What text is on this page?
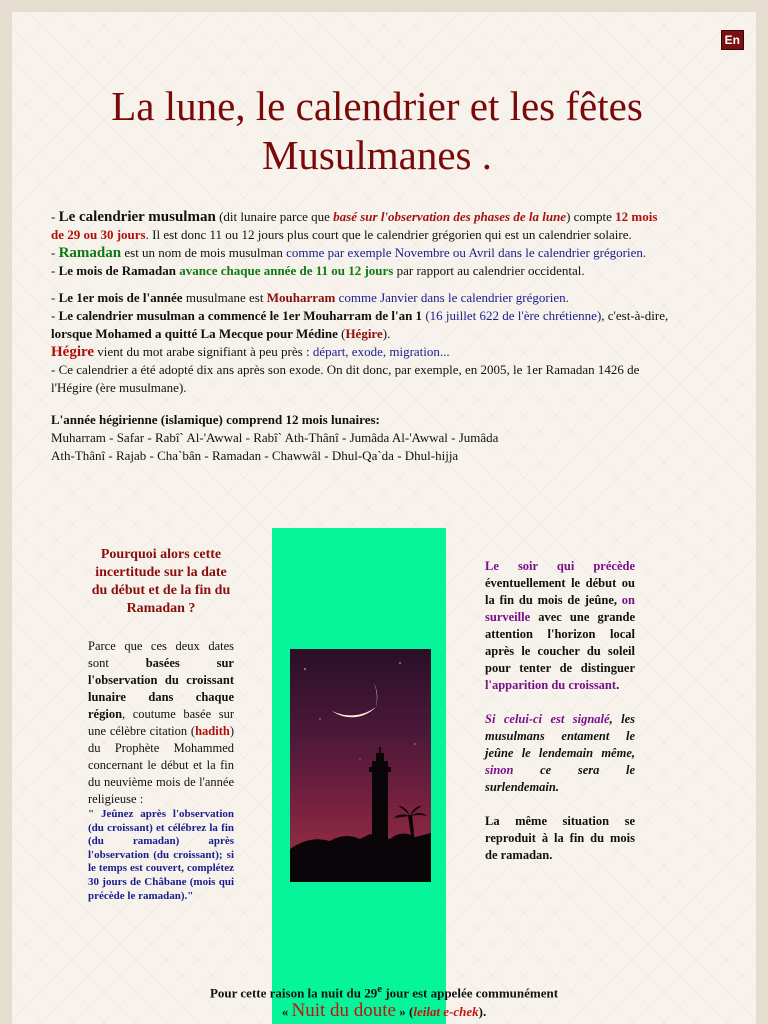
En
La lune, le calendrier et les fêtes Musulmanes .

- Le calendrier musulman (dit lunaire parce que basé sur l'observation des phases de la lune) compte 12 mois de 29 ou 30 jours. Il est donc 11 ou 12 jours plus court que le calendrier grégorien qui est un calendrier solaire.

- Ramadan est un nom de mois musulman comme par exemple Novembre ou Avril dans le calendrier grégorien.

- Le mois de Ramadan avance chaque année de 11 ou 12 jours par rapport au calendrier occidental.

- Le 1er mois de l'année musulmane est Mouharram comme Janvier dans le calendrier grégorien.

- Le calendrier musulman a commencé le 1er Mouharram de l'an 1 (16 juillet 622 de l'ère chrétienne), c'est-à-dire, lorsque Mohamed a quitté La Mecque pour Médine (Hégire).

Hégire vient du mot arabe signifiant à peu près : départ, exode, migration...

- Ce calendrier a été adopté dix ans après son exode. On dit donc, par exemple, en 2005, le 1er Ramadan 1426 de l'Hégire (ère musulmane).

L'année hégirienne (islamique) comprend 12 mois lunaires:

Muharram - Safar - Rabî` Al-'Awwal - Rabî` Ath-Thânî - Jumâda Al-'Awwal - Jumâda Ath-Thânî - Rajab - Cha`bân - Ramadan - Chawwâl - Dhul-Qa`da - Dhul-hijja

Pourquoi alors cette incertitude sur la date du début et de la fin du Ramadan ?

Parce que ces deux dates sont basées sur l'observation du croissant lunaire dans chaque région, coutume basée sur une célèbre citation (hadith) du Prophète Mohammed concernant le début et la fin du neuvième mois de l'année religieuse :

" Jeûnez après l'observation (du croissant) et célébrez la fin (du ramadan) après l'observation (du croissant); si le temps est couvert, complétez 30 jours de Châbane (mois qui précède le ramadan)."

Le soir qui précède éventuellement le début ou la fin du mois de jeûne, on surveille avec une grande attention l'horizon local après le coucher du soleil pour tenter de distinguer l'apparition du croissant.

Si celui-ci est signalé, les musulmans entament le jeûne le lendemain même, sinon ce sera le surlendemain.

La même situation se reproduit à la fin du mois de ramadan.

Pour cette raison la nuit du 29e jour est appelée communément
« Nuit du doute » (leilat e-chek).
